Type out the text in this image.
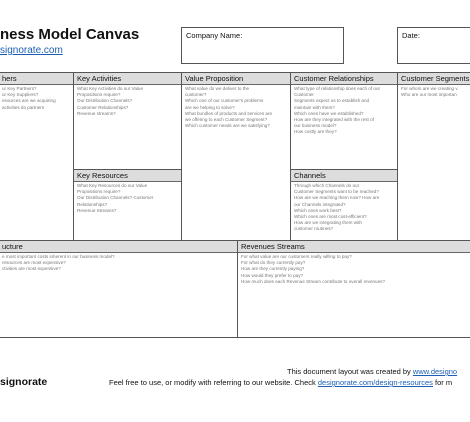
ness Model Canvas
signorate.com
Company Name:	Date:
hers
ur Key Partners?
ur Key Suppliers?
esources are we acquiring
activities do partners
Key Activities
What Key Activities do our Value
Propositions require?
Our Distribution Channels?
Customer Relationships?
Revenue streams?
Key Resources
What Key Resources do our Value
Propositions require?
Our Distribution Channels? Customer
Relationships?
Revenue Streams?
Value Proposition
What value do we deliver to the
customer?
Which one of our customer's problems
are we helping to solve?
What bundles of products and services are
we offering to each Customer Segment?
Which customer needs are we satisfying?
Customer Relationships
What type of relationship does each of our
Customer
Segments expect us to establish and
maintain with them?
Which ones have we established?
How are they integrated with the rest of
our business model?
How costly are they?
Channels
Through which Channels do our
Customer Segments want to be reached?
How are we reaching them now? How are
our Channels integrated?
Which ones work best?
Which ones are most cost-efficient?
How are we integrating them with
customer routines?
Customer Segments
For whom are we creating v
Who are our most importan
ucture
e most important costs inherent in our business model?
resources are most expensive?
ctivities are most expensive?
Revenues Streams
For what value are our customers really willing to pay?
For what do they currently pay?
How are they currently paying?
How would they prefer to pay?
How much does each Revenue Stream contribute to overall revenues?
signorate
This document layout was created by www.designo
Feel free to use, or modify with referring to our website. Check designorate.com/design-resources for m
